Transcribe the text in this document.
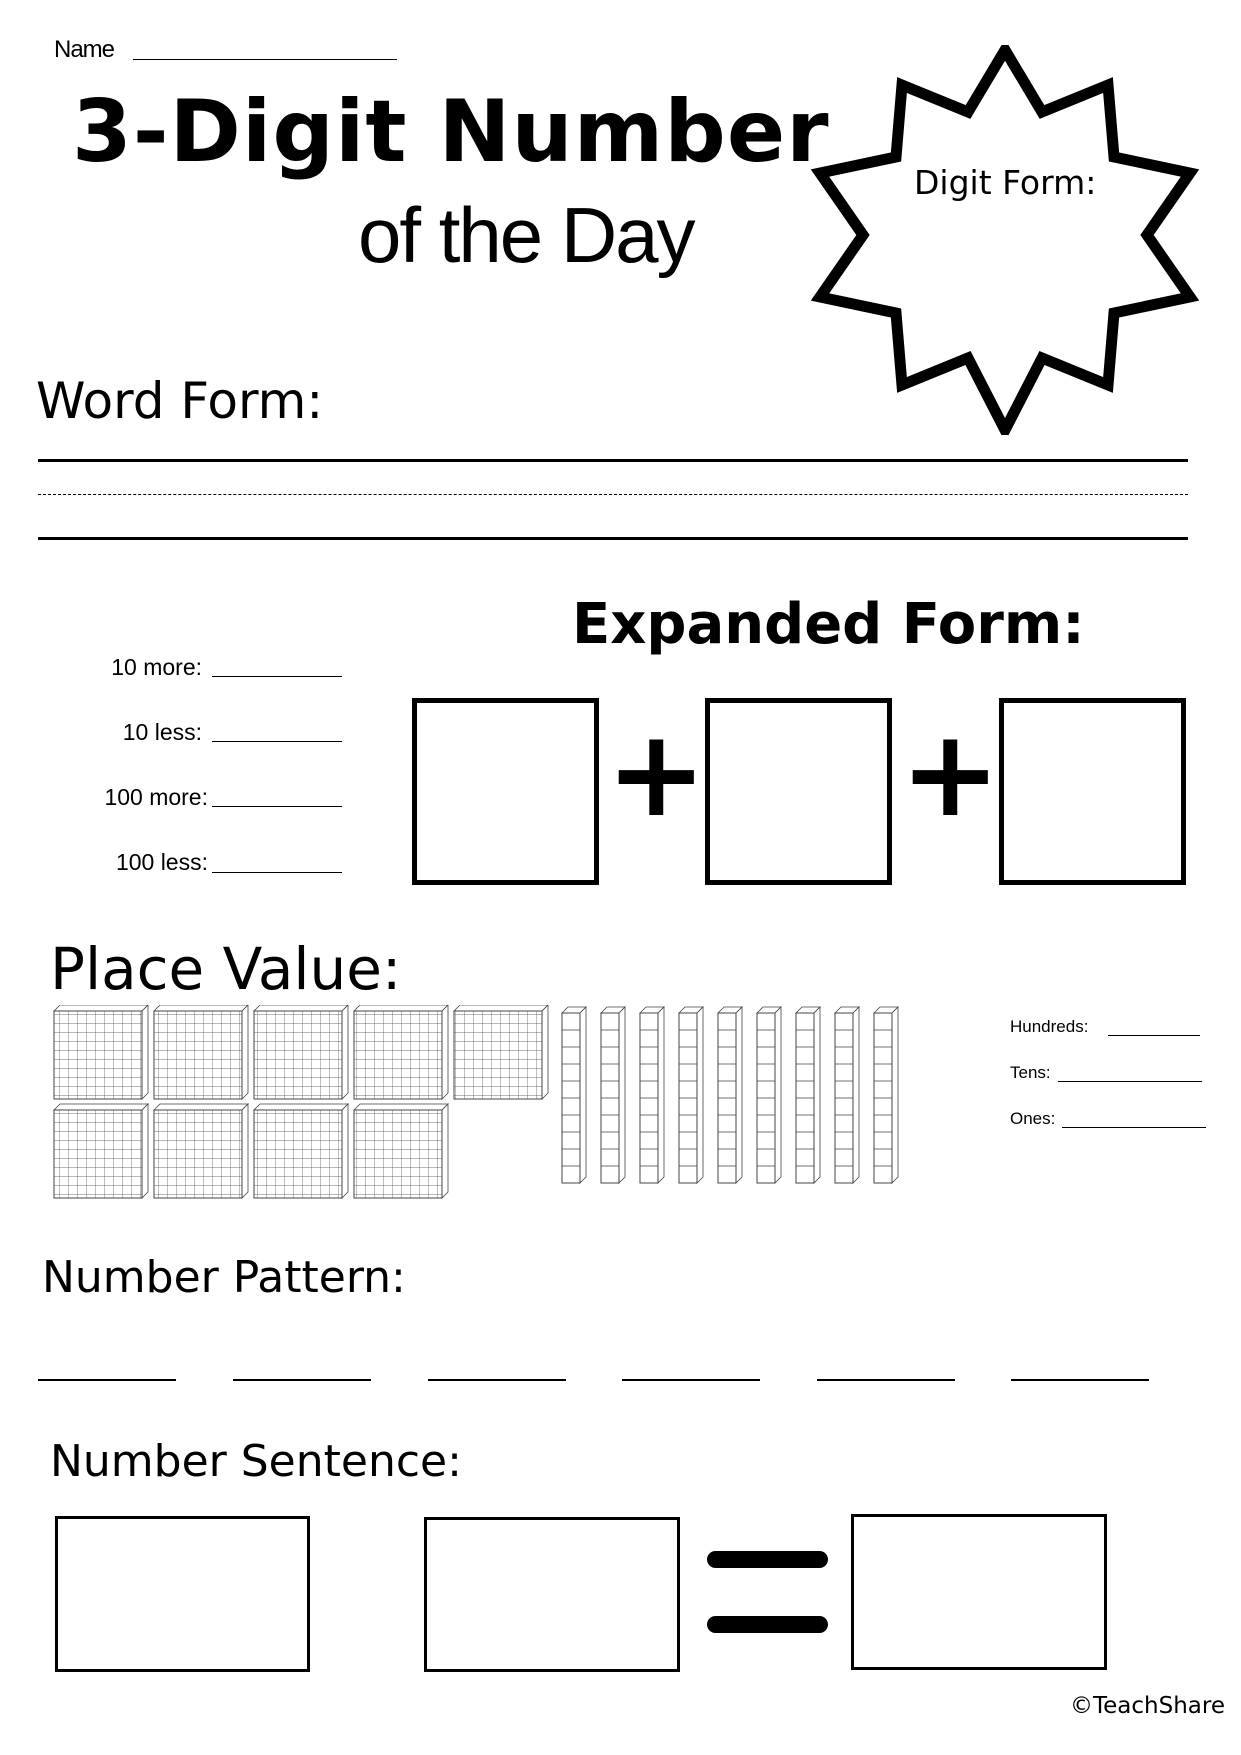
Name
3-Digit Number
of the Day
Digit Form:
Word Form:
Expanded Form:
10 more:
10 less:
100 more:
100 less:
+ +
Place Value:
Hundreds:
Tens:
Ones:
Number Pattern:
Number Sentence:
©TeachShare
